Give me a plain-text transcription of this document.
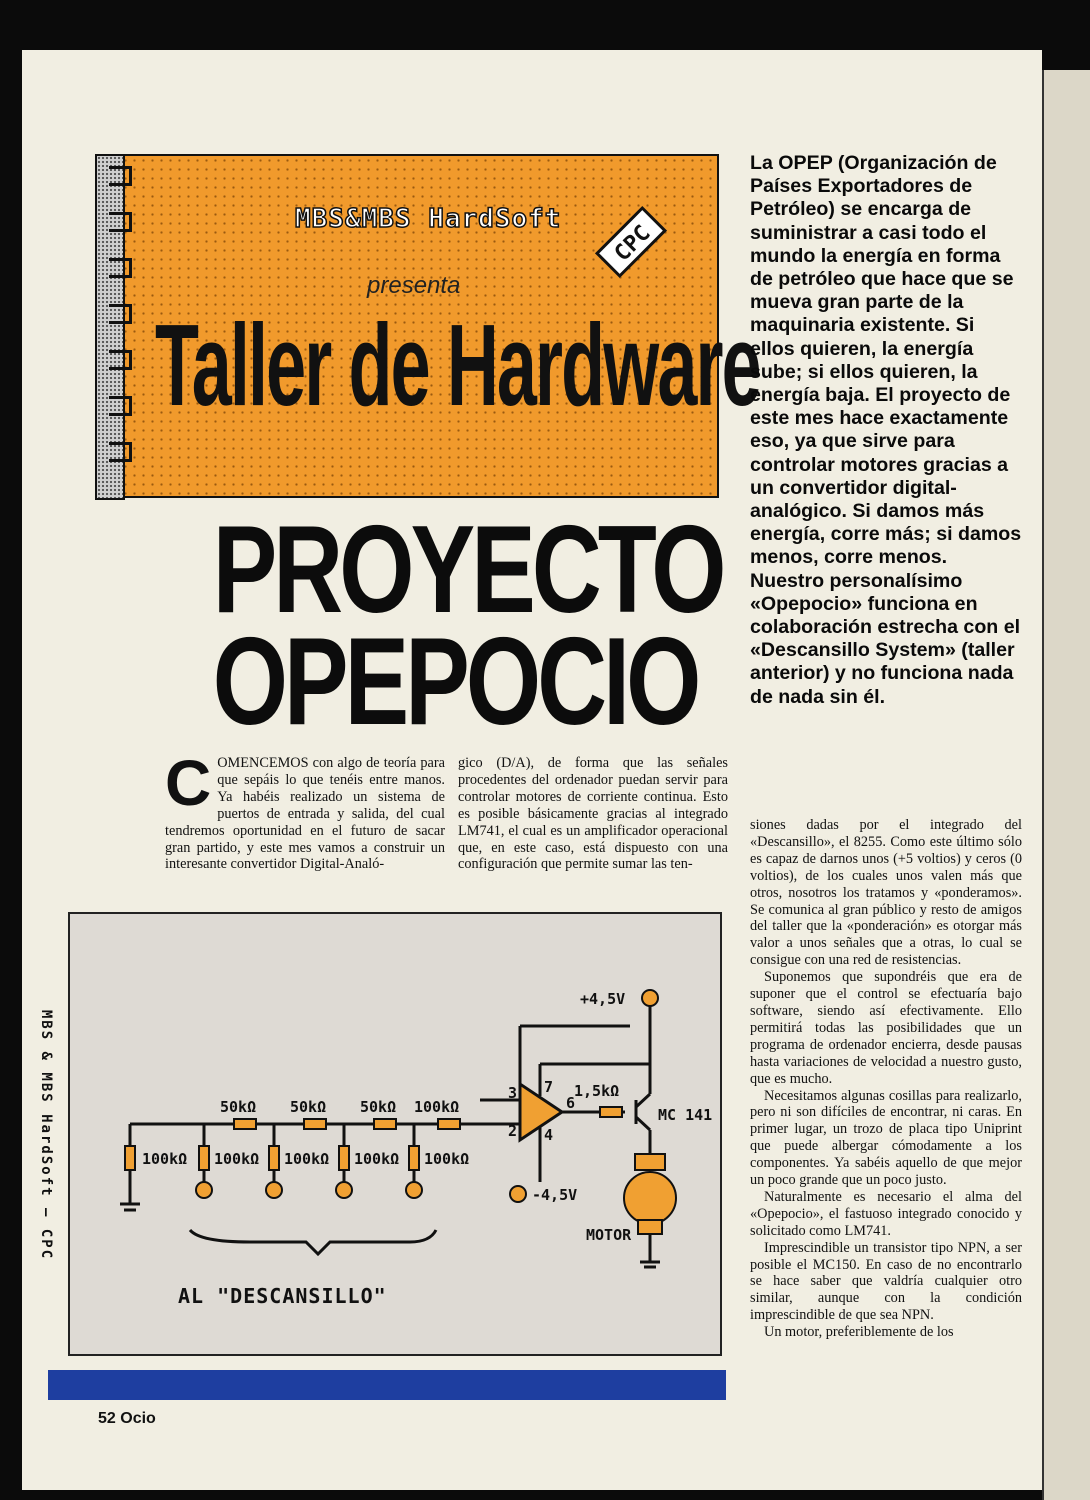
MBS&MBS HardSoft
presenta
Taller de Hardware
CPC
PROYECTO
OPEPOCIO
La OPEP (Organización de Países Exportadores de Petróleo) se encarga de suministrar a casi todo el mundo la energía en forma de petróleo que hace que se mueva gran parte de la maquinaria existente. Si ellos quieren, la energía sube; si ellos quieren, la energía baja. El proyecto de este mes hace exactamente eso, ya que sirve para controlar motores gracias a un convertidor digital-analógico. Si damos más energía, corre más; si damos menos, corre menos. Nuestro personalísimo «Opepocio» funciona en colaboración estrecha con el «Descansillo System» (taller anterior) y no funciona nada de nada sin él.
COMENCEMOS con algo de teoría para que sepáis lo que tenéis entre manos. Ya habéis realizado un sistema de puertos de entrada y salida, del cual tendremos oportunidad en el futuro de sacar gran partido, y este mes vamos a construir un interesante convertidor Digital-Analó-
gico (D/A), de forma que las señales procedentes del ordenador puedan servir para controlar motores de corriente continua. Esto es posible básicamente gracias al integrado LM741, el cual es un amplificador operacional que, en este caso, está dispuesto con una configuración que permite sumar las ten-

siones dadas por el integrado del «Descansillo», el 8255. Como este último sólo es capaz de darnos unos (+5 voltios) y ceros (0 voltios), de los cuales unos valen más que otros, nosotros los tratamos y «ponderamos». Se comunica al gran público y resto de amigos del taller que la «ponderación» es otorgar más valor a unos señales que a otras, lo cual se consigue con una red de resistencias.

Suponemos que supondréis que era de suponer que el control se efectuaría bajo software, siendo así efectivamente. Ello permitirá todas las posibilidades que un programa de ordenador encierra, desde pausas hasta variaciones de velocidad a nuestro gusto, que es mucho.

Necesitamos algunas cosillas para realizarlo, pero ni son difíciles de encontrar, ni caras. En primer lugar, un trozo de placa tipo Uniprint que puede albergar cómodamente a los componentes. Ya sabéis aquello de que mejor un poco grande que un poco justo.

Naturalmente es necesario el alma del «Opepocio», el fastuoso integrado conocido y solicitado como LM741.

Imprescindible un transistor tipo NPN, a ser posible el MC150. En caso de no encontrarlo se hace saber que valdría cualquier otro similar, aunque con la condición imprescindible de que sea NPN.

Un motor, preferiblemente de los

MBS & MBS HardSoft — CPC	50kΩ 50kΩ 50kΩ 100kΩ
100kΩ 100kΩ 100kΩ 100kΩ 100kΩ
+4,5V
-4,5V
1,5kΩ
MC 141
MOTOR
3
2
7
4
6
AL "DESCANSILLO"
52 Ocio
